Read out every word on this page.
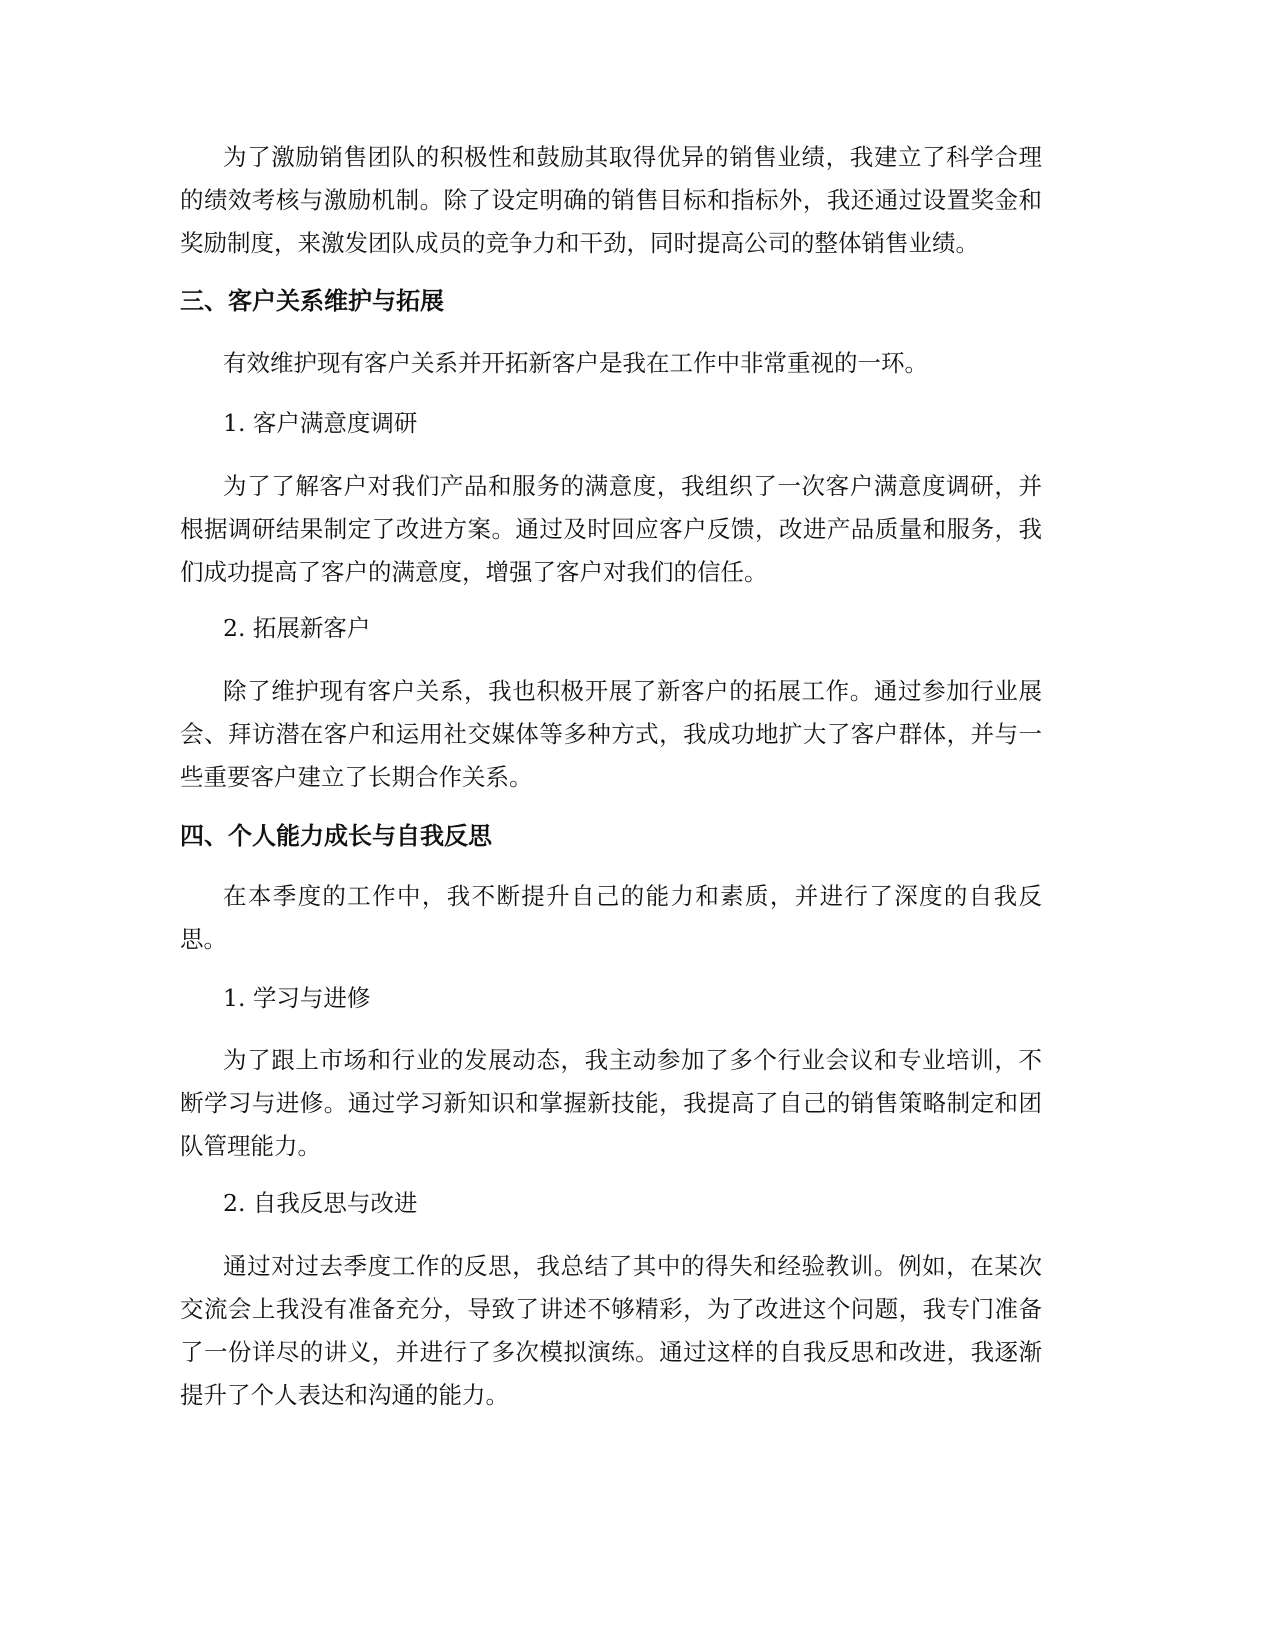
为了激励销售团队的积极性和鼓励其取得优异的销售业绩，我建立了科学合理的绩效考核与激励机制。除了设定明确的销售目标和指标外，我还通过设置奖金和奖励制度，来激发团队成员的竞争力和干劲，同时提高公司的整体销售业绩。

三、客户关系维护与拓展

有效维护现有客户关系并开拓新客户是我在工作中非常重视的一环。

1. 客户满意度调研

为了了解客户对我们产品和服务的满意度，我组织了一次客户满意度调研，并根据调研结果制定了改进方案。通过及时回应客户反馈，改进产品质量和服务，我们成功提高了客户的满意度，增强了客户对我们的信任。

2. 拓展新客户

除了维护现有客户关系，我也积极开展了新客户的拓展工作。通过参加行业展会、拜访潜在客户和运用社交媒体等多种方式，我成功地扩大了客户群体，并与一些重要客户建立了长期合作关系。

四、个人能力成长与自我反思

在本季度的工作中，我不断提升自己的能力和素质，并进行了深度的自我反思。

1. 学习与进修

为了跟上市场和行业的发展动态，我主动参加了多个行业会议和专业培训，不断学习与进修。通过学习新知识和掌握新技能，我提高了自己的销售策略制定和团队管理能力。

2. 自我反思与改进

通过对过去季度工作的反思，我总结了其中的得失和经验教训。例如，在某次交流会上我没有准备充分，导致了讲述不够精彩，为了改进这个问题，我专门准备了一份详尽的讲义，并进行了多次模拟演练。通过这样的自我反思和改进，我逐渐提升了个人表达和沟通的能力。
